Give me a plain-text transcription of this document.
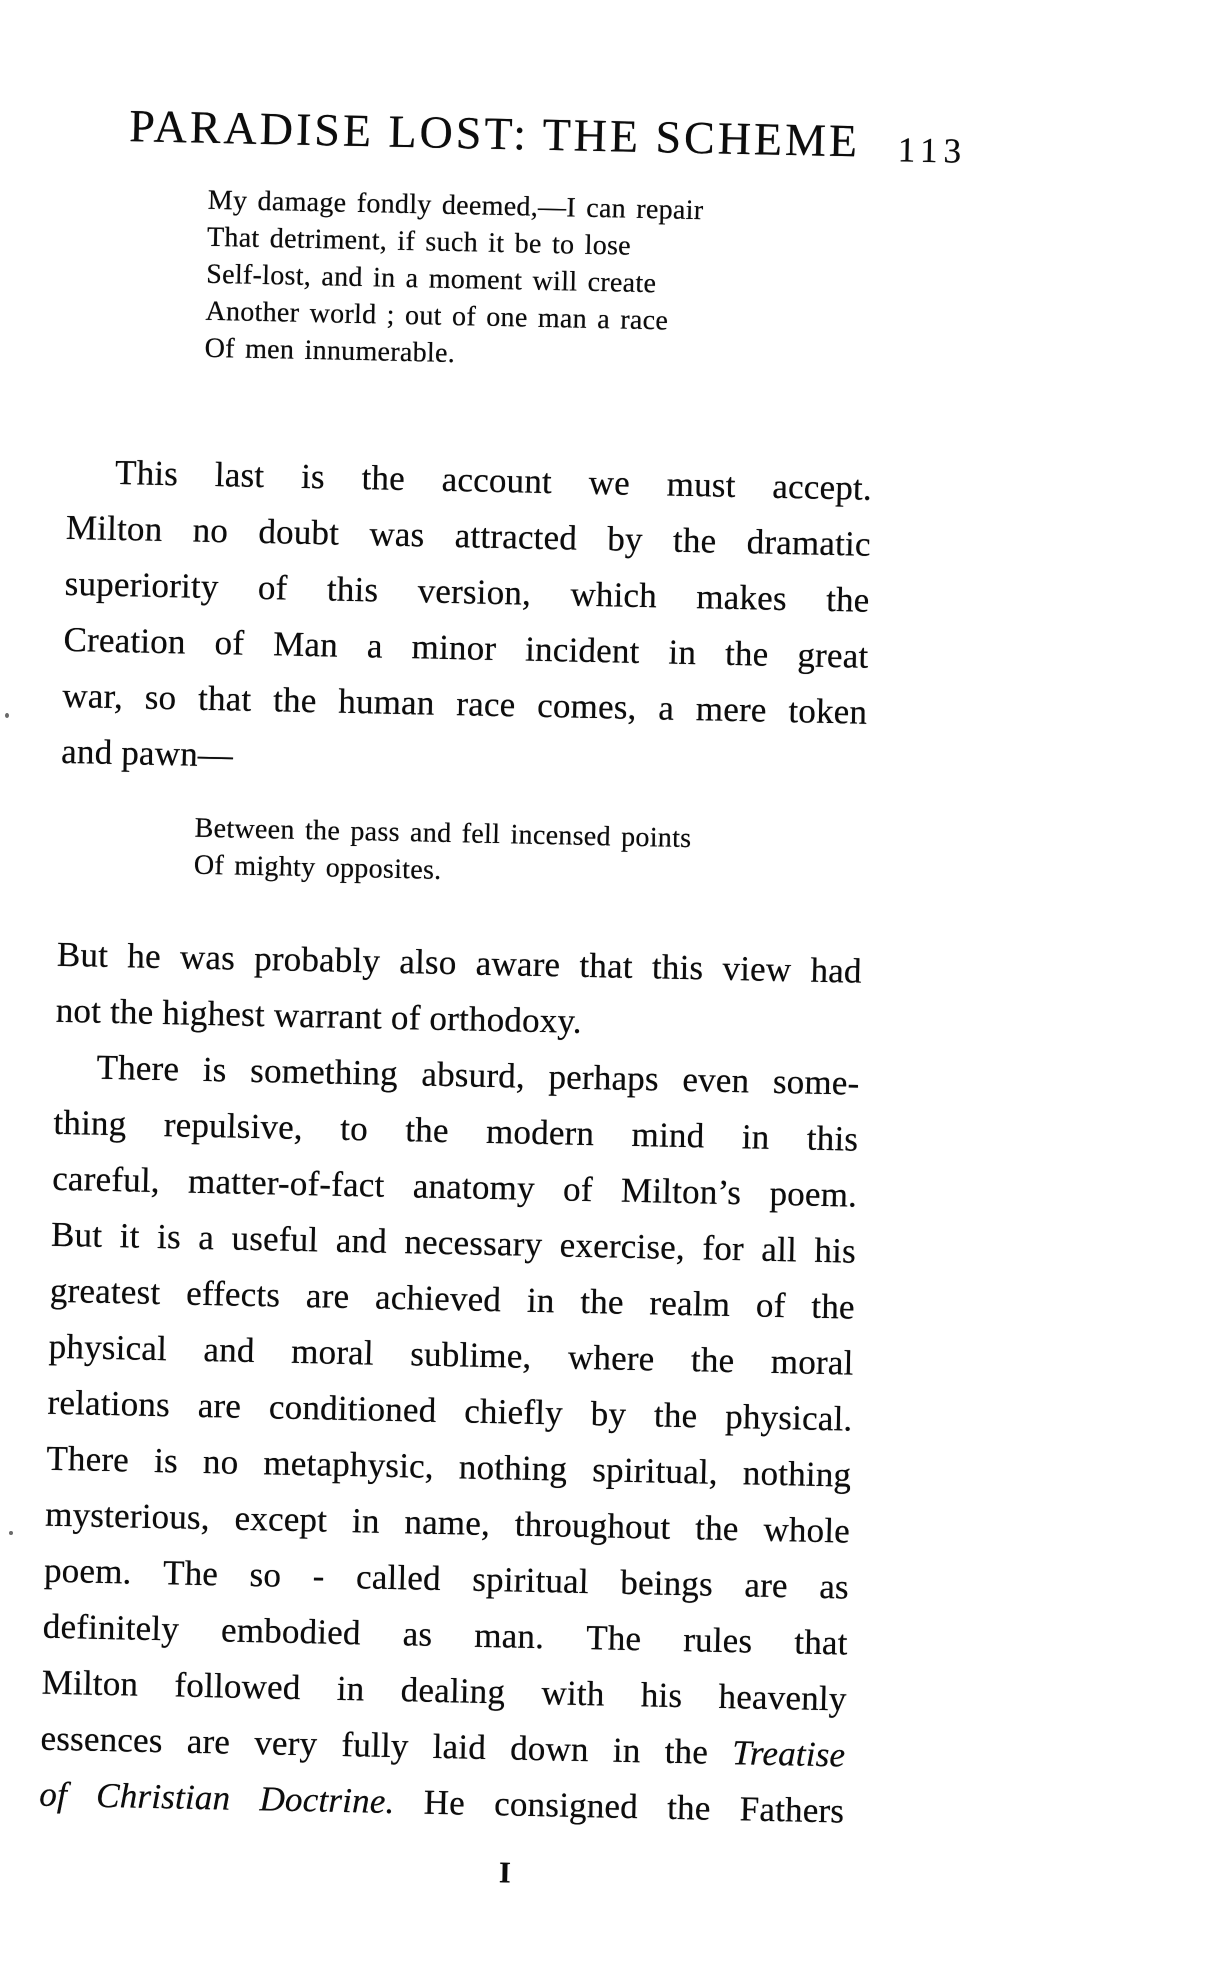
PARADISE LOST: THE SCHEME 113
My damage fondly deemed,—I can repair
That detriment, if such it be to lose
Self-lost, and in a moment will create
Another world ; out of one man a race
Of men innumerable.
This last is the account we must accept.
Milton no doubt was attracted by the dramatic
superiority of this version, which makes the
Creation of Man a minor incident in the great
war, so that the human race comes, a mere token
and pawn—
Between the pass and fell incensed points
Of mighty opposites.
But he was probably also aware that this view had
not the highest warrant of orthodoxy.
There is something absurd, perhaps even some-
thing repulsive, to the modern mind in this
careful, matter-of-fact anatomy of Milton’s poem.
But it is a useful and necessary exercise, for all his
greatest effects are achieved in the realm of the
physical and moral sublime, where the moral
relations are conditioned chiefly by the physical.
There is no metaphysic, nothing spiritual, nothing
mysterious, except in name, throughout the whole
poem. The so - called spiritual beings are as
definitely embodied as man. The rules that
Milton followed in dealing with his heavenly
essences are very fully laid down in the Treatise
of Christian Doctrine. He consigned the Fathers
I
